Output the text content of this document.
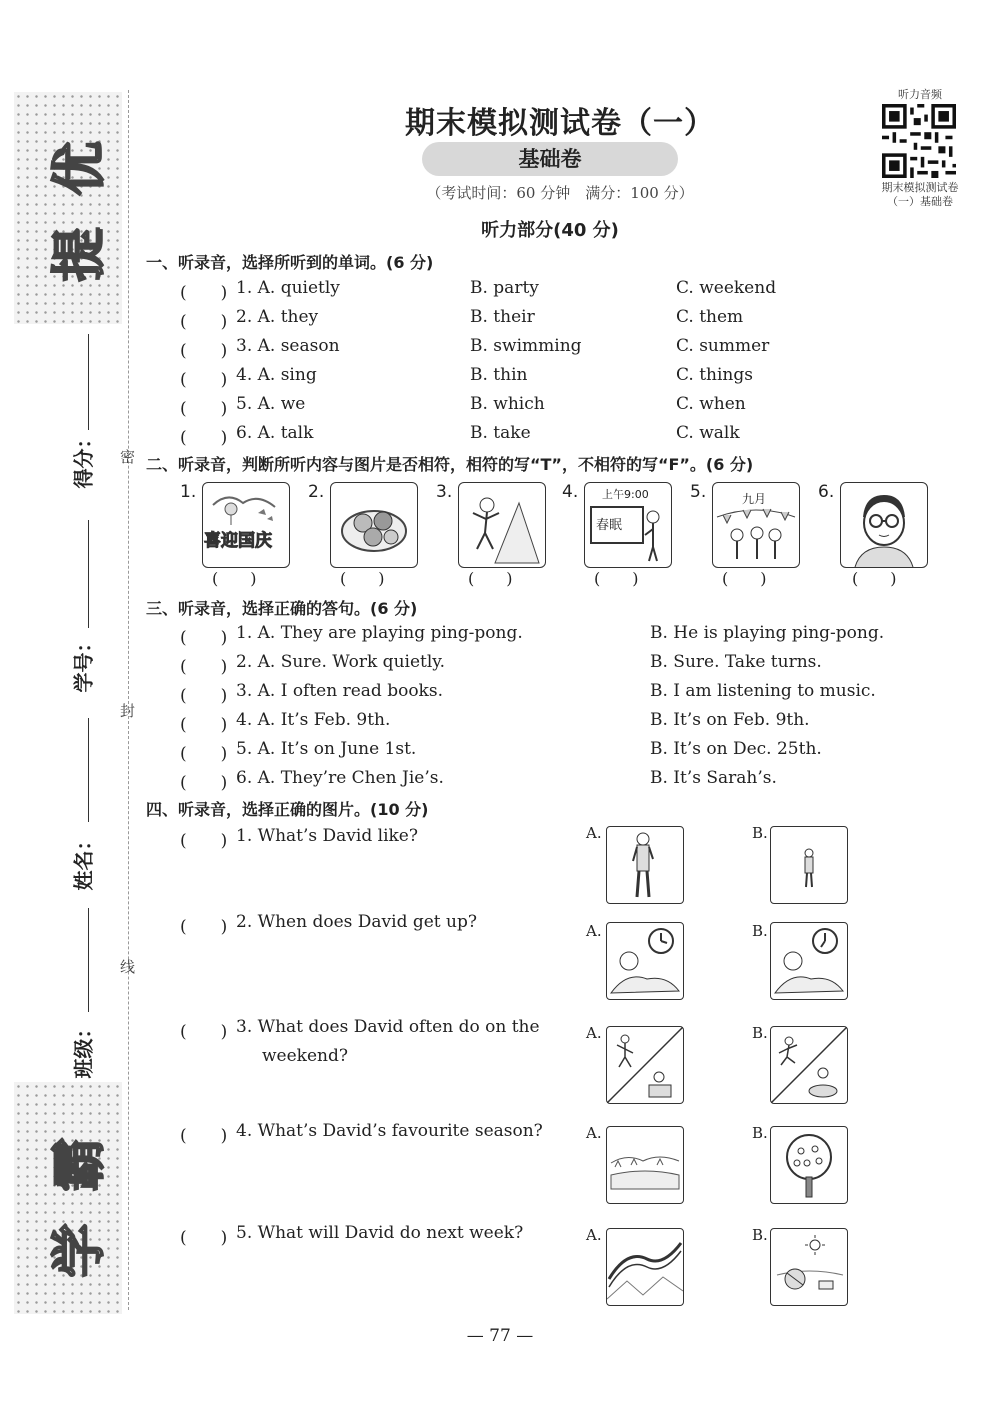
优
提
霸
学
得分：
学号：
姓名：
班级：
密
封
线
期末模拟测试卷（一）
基础卷
（考试时间：60 分钟　满分：100 分）
听力音频
期末模拟测试卷
（一）基础卷
听力部分(40 分)
一、听录音，选择所听到的单词。(6 分)
(　　) 1. A. quietly	B. party	C. weekend
(　　) 2. A. they	B. their	C. them
(　　) 3. A. season	B. swimming	C. summer
(　　) 4. A. sing	B. thin	C. things
(　　) 5. A. we	B. which	C. when
(　　) 6. A. talk	B. take	C. walk
二、听录音，判断所听内容与图片是否相符，相符的写“T”，不相符的写“F”。(6 分)
1.
喜迎国庆
(　　)
2.
(　　)
3.
(　　)
4. 上午9:00
春眠
(　　)
5.	九月
(　　)
6.
(　　)
三、听录音，选择正确的答句。(6 分)
(　　) 1. A. They are playing ping-pong.	B. He is playing ping-pong.
(　　) 2. A. Sure. Work quietly.	B. Sure. Take turns.
(　　) 3. A. I often read books.	B. I am listening to music.
(　　) 4. A. It’s Feb. 9th.	B. It’s on Feb. 9th.
(　　) 5. A. It’s on June 1st.	B. It’s on Dec. 25th.
(　　) 6. A. They’re Chen Jie’s.	B. It’s Sarah’s.
四、听录音，选择正确的图片。(10 分)
(　　) 1. What’s David like?	A.	B.
(　　) 2. When does David get up?	A.	B.
(　　) 3. What does David often do on the
weekend?
A.	B.
(　　) 4. What’s David’s favourite season?	A.	B.
(　　) 5. What will David do next week?	A.	B.
— 77 —
